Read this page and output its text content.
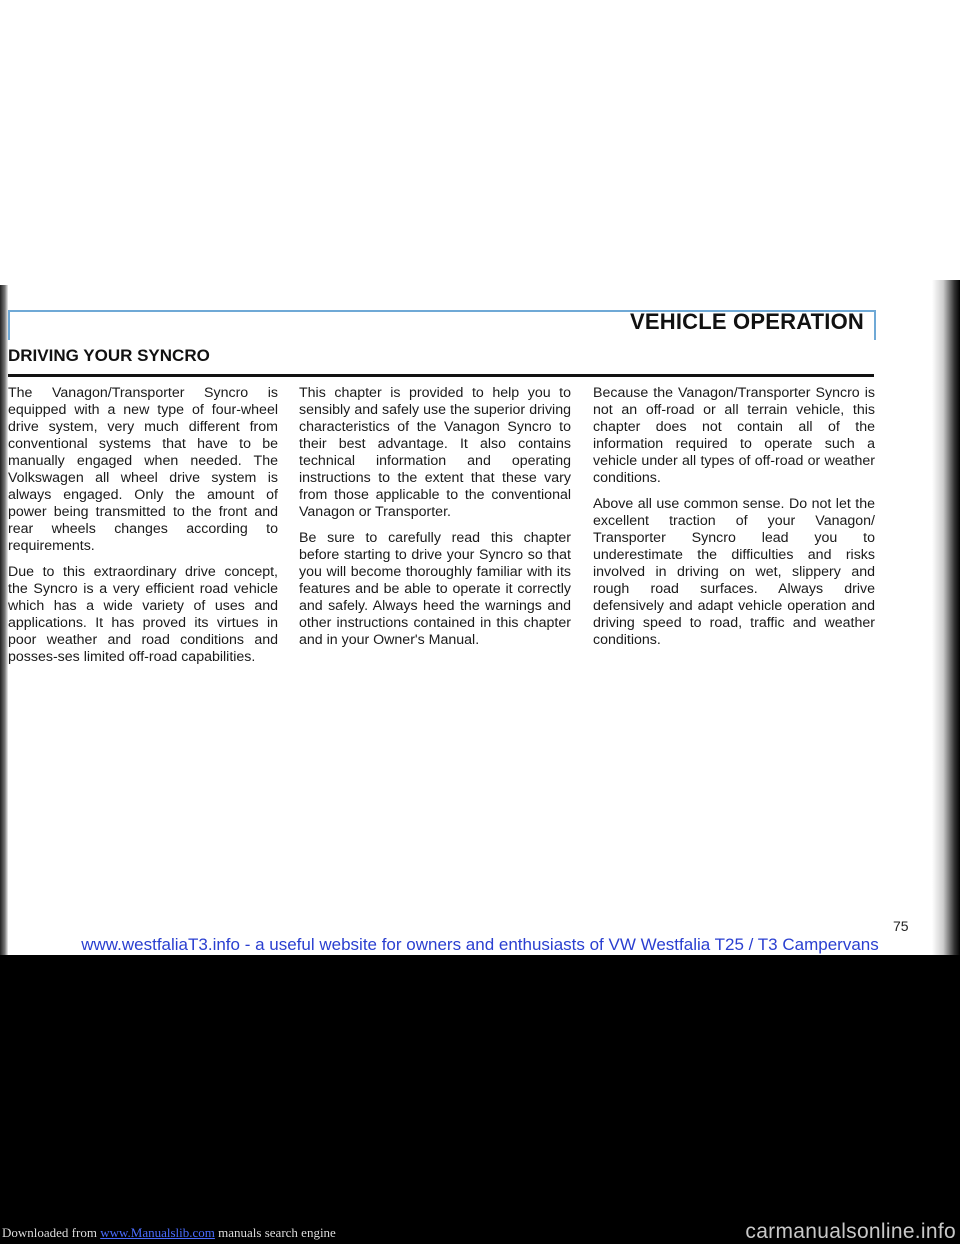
VEHICLE OPERATION
DRIVING YOUR SYNCRO

The Vanagon/Transporter Syncro is equipped with a new type of four-wheel drive system, very much different from conventional systems that have to be manually engaged when needed. The Volkswagen all wheel drive system is always engaged. Only the amount of power being transmitted to the front and rear wheels changes according to requirements.

Due to this extraordinary drive concept, the Syncro is a very efficient road vehicle which has a wide variety of uses and applications. It has proved its virtues in poor weather and road conditions and posses-ses limited off-road capabilities.

This chapter is provided to help you to sensibly and safely use the superior driving characteristics of the Vanagon Syncro to their best advantage. It also contains technical information and operating instructions to the extent that these vary from those applicable to the conventional Vanagon or Transporter.

Be sure to carefully read this chapter before starting to drive your Syncro so that you will become thoroughly familiar with its features and be able to operate it correctly and safely. Always heed the warnings and other instructions contained in this chapter and in your Owner's Manual.

Because the Vanagon/Transporter Syncro is not an off-road or all terrain vehicle, this chapter does not contain all of the information required to operate such a vehicle under all types of off-road or weather conditions.

Above all use common sense. Do not let the excellent traction of your Vanagon/ Transporter Syncro lead you to underestimate the difficulties and risks involved in driving on wet, slippery and rough road surfaces. Always drive defensively and adapt vehicle operation and driving speed to road, traffic and weather conditions.

75
www.westfaliaT3.info - a useful website for owners and enthusiasts of VW Westfalia T25 / T3 Campervans
Downloaded from www.Manualslib.com manuals search engine	carmanualsonline.info
